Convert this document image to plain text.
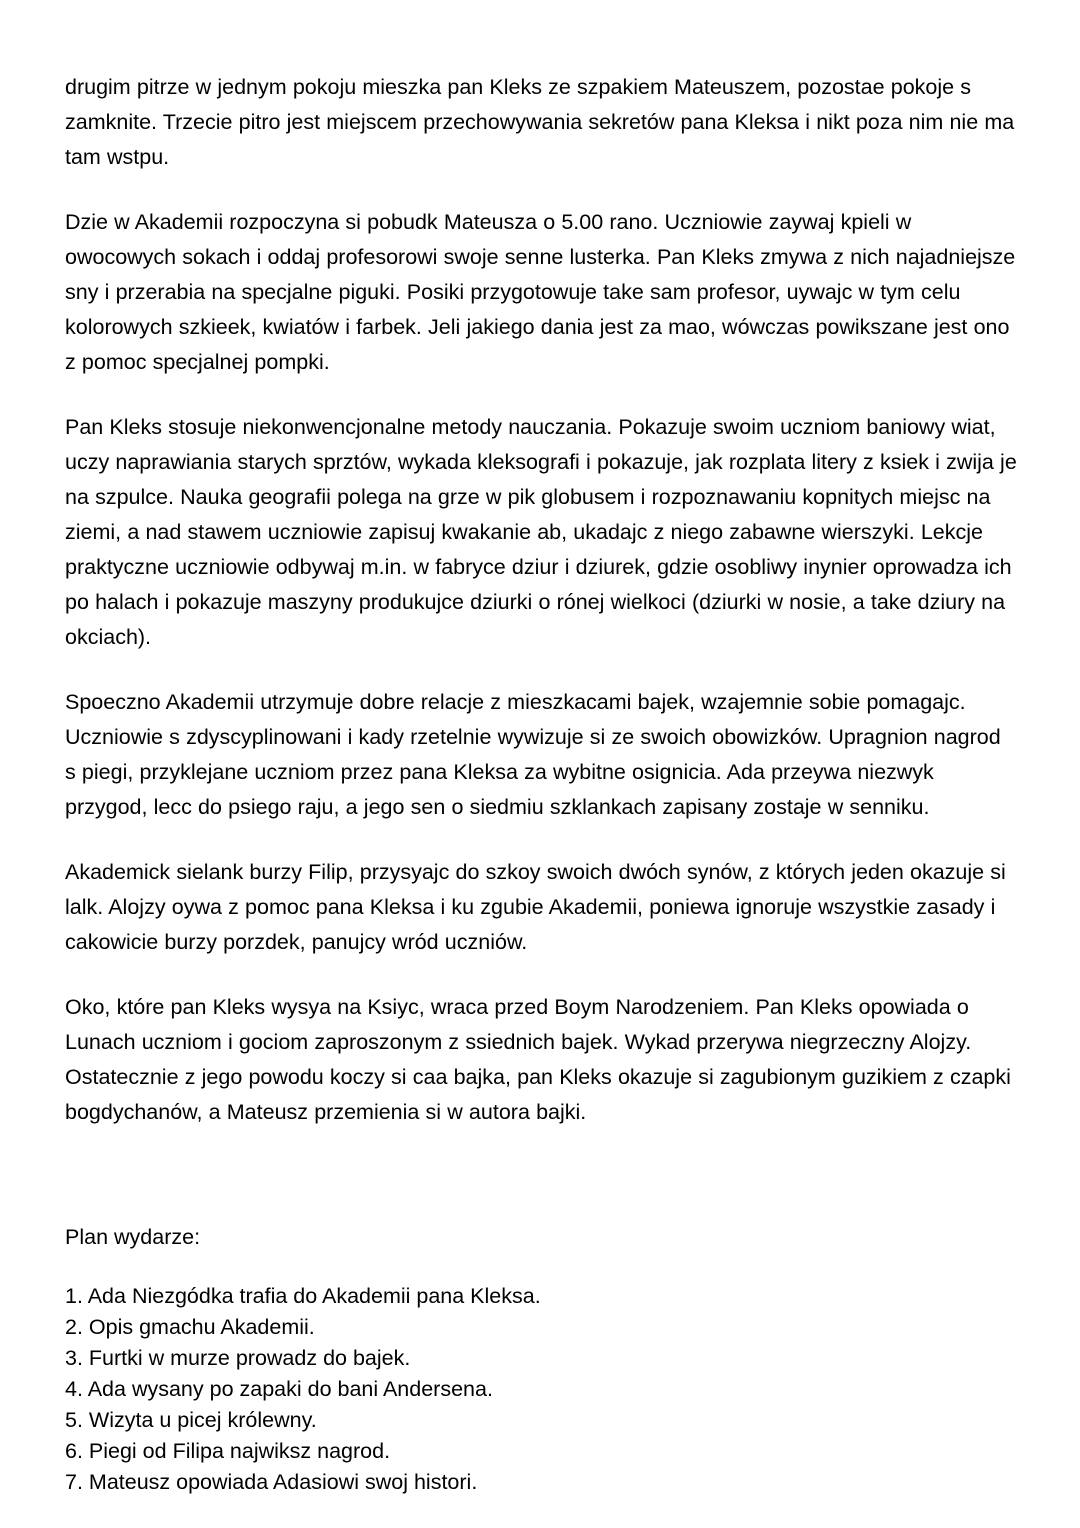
drugim pitrze w jednym pokoju mieszka pan Kleks ze szpakiem Mateuszem, pozostae pokoje s zamknite. Trzecie pitro jest miejscem przechowywania sekretów pana Kleksa i nikt poza nim nie ma tam wstpu.

Dzie w Akademii rozpoczyna si pobudk Mateusza o 5.00 rano. Uczniowie zaywaj kpieli w owocowych sokach i oddaj profesorowi swoje senne lusterka. Pan Kleks zmywa z nich najadniejsze sny i przerabia na specjalne piguki. Posiki przygotowuje take sam profesor, uywajc w tym celu kolorowych szkieek, kwiatów i farbek. Jeli jakiego dania jest za mao, wówczas powikszane jest ono z pomoc specjalnej pompki.

Pan Kleks stosuje niekonwencjonalne metody nauczania. Pokazuje swoim uczniom baniowy wiat, uczy naprawiania starych sprztów, wykada kleksografi i pokazuje, jak rozplata litery z ksiek i zwija je na szpulce. Nauka geografii polega na grze w pik globusem i rozpoznawaniu kopnitych miejsc na ziemi, a nad stawem uczniowie zapisuj kwakanie ab, ukadajc z niego zabawne wierszyki. Lekcje praktyczne uczniowie odbywaj m.in. w fabryce dziur i dziurek, gdzie osobliwy inynier oprowadza ich po halach i pokazuje maszyny produkujce dziurki o rónej wielkoci (dziurki w nosie, a take dziury na okciach).

Spoeczno Akademii utrzymuje dobre relacje z mieszkacami bajek, wzajemnie sobie pomagajc. Uczniowie s zdyscyplinowani i kady rzetelnie wywizuje si ze swoich obowizków. Upragnion nagrod s piegi, przyklejane uczniom przez pana Kleksa za wybitne osignicia. Ada przeywa niezwyk przygod, lecc do psiego raju, a jego sen o siedmiu szklankach zapisany zostaje w senniku.

Akademick sielank burzy Filip, przysyajc do szkoy swoich dwóch synów, z których jeden okazuje si lalk. Alojzy oywa z pomoc pana Kleksa i ku zgubie Akademii, poniewa ignoruje wszystkie zasady i cakowicie burzy porzdek, panujcy wród uczniów.

Oko, które pan Kleks wysya na Ksiyc, wraca przed Boym Narodzeniem. Pan Kleks opowiada o Lunach uczniom i gociom zaproszonym z ssiednich bajek. Wykad przerywa niegrzeczny Alojzy. Ostatecznie z jego powodu koczy si caa bajka, pan Kleks okazuje si zagubionym guzikiem z czapki bogdychanów, a Mateusz przemienia si w autora bajki.

Plan wydarze:

1. Ada Niezgódka trafia do Akademii pana Kleksa.
2. Opis gmachu Akademii.
3. Furtki w murze prowadz do bajek.
4. Ada wysany po zapaki do bani Andersena.
5. Wizyta u picej królewny.
6. Piegi od Filipa najwiksz nagrod.
7. Mateusz opowiada Adasiowi swoj histori.
